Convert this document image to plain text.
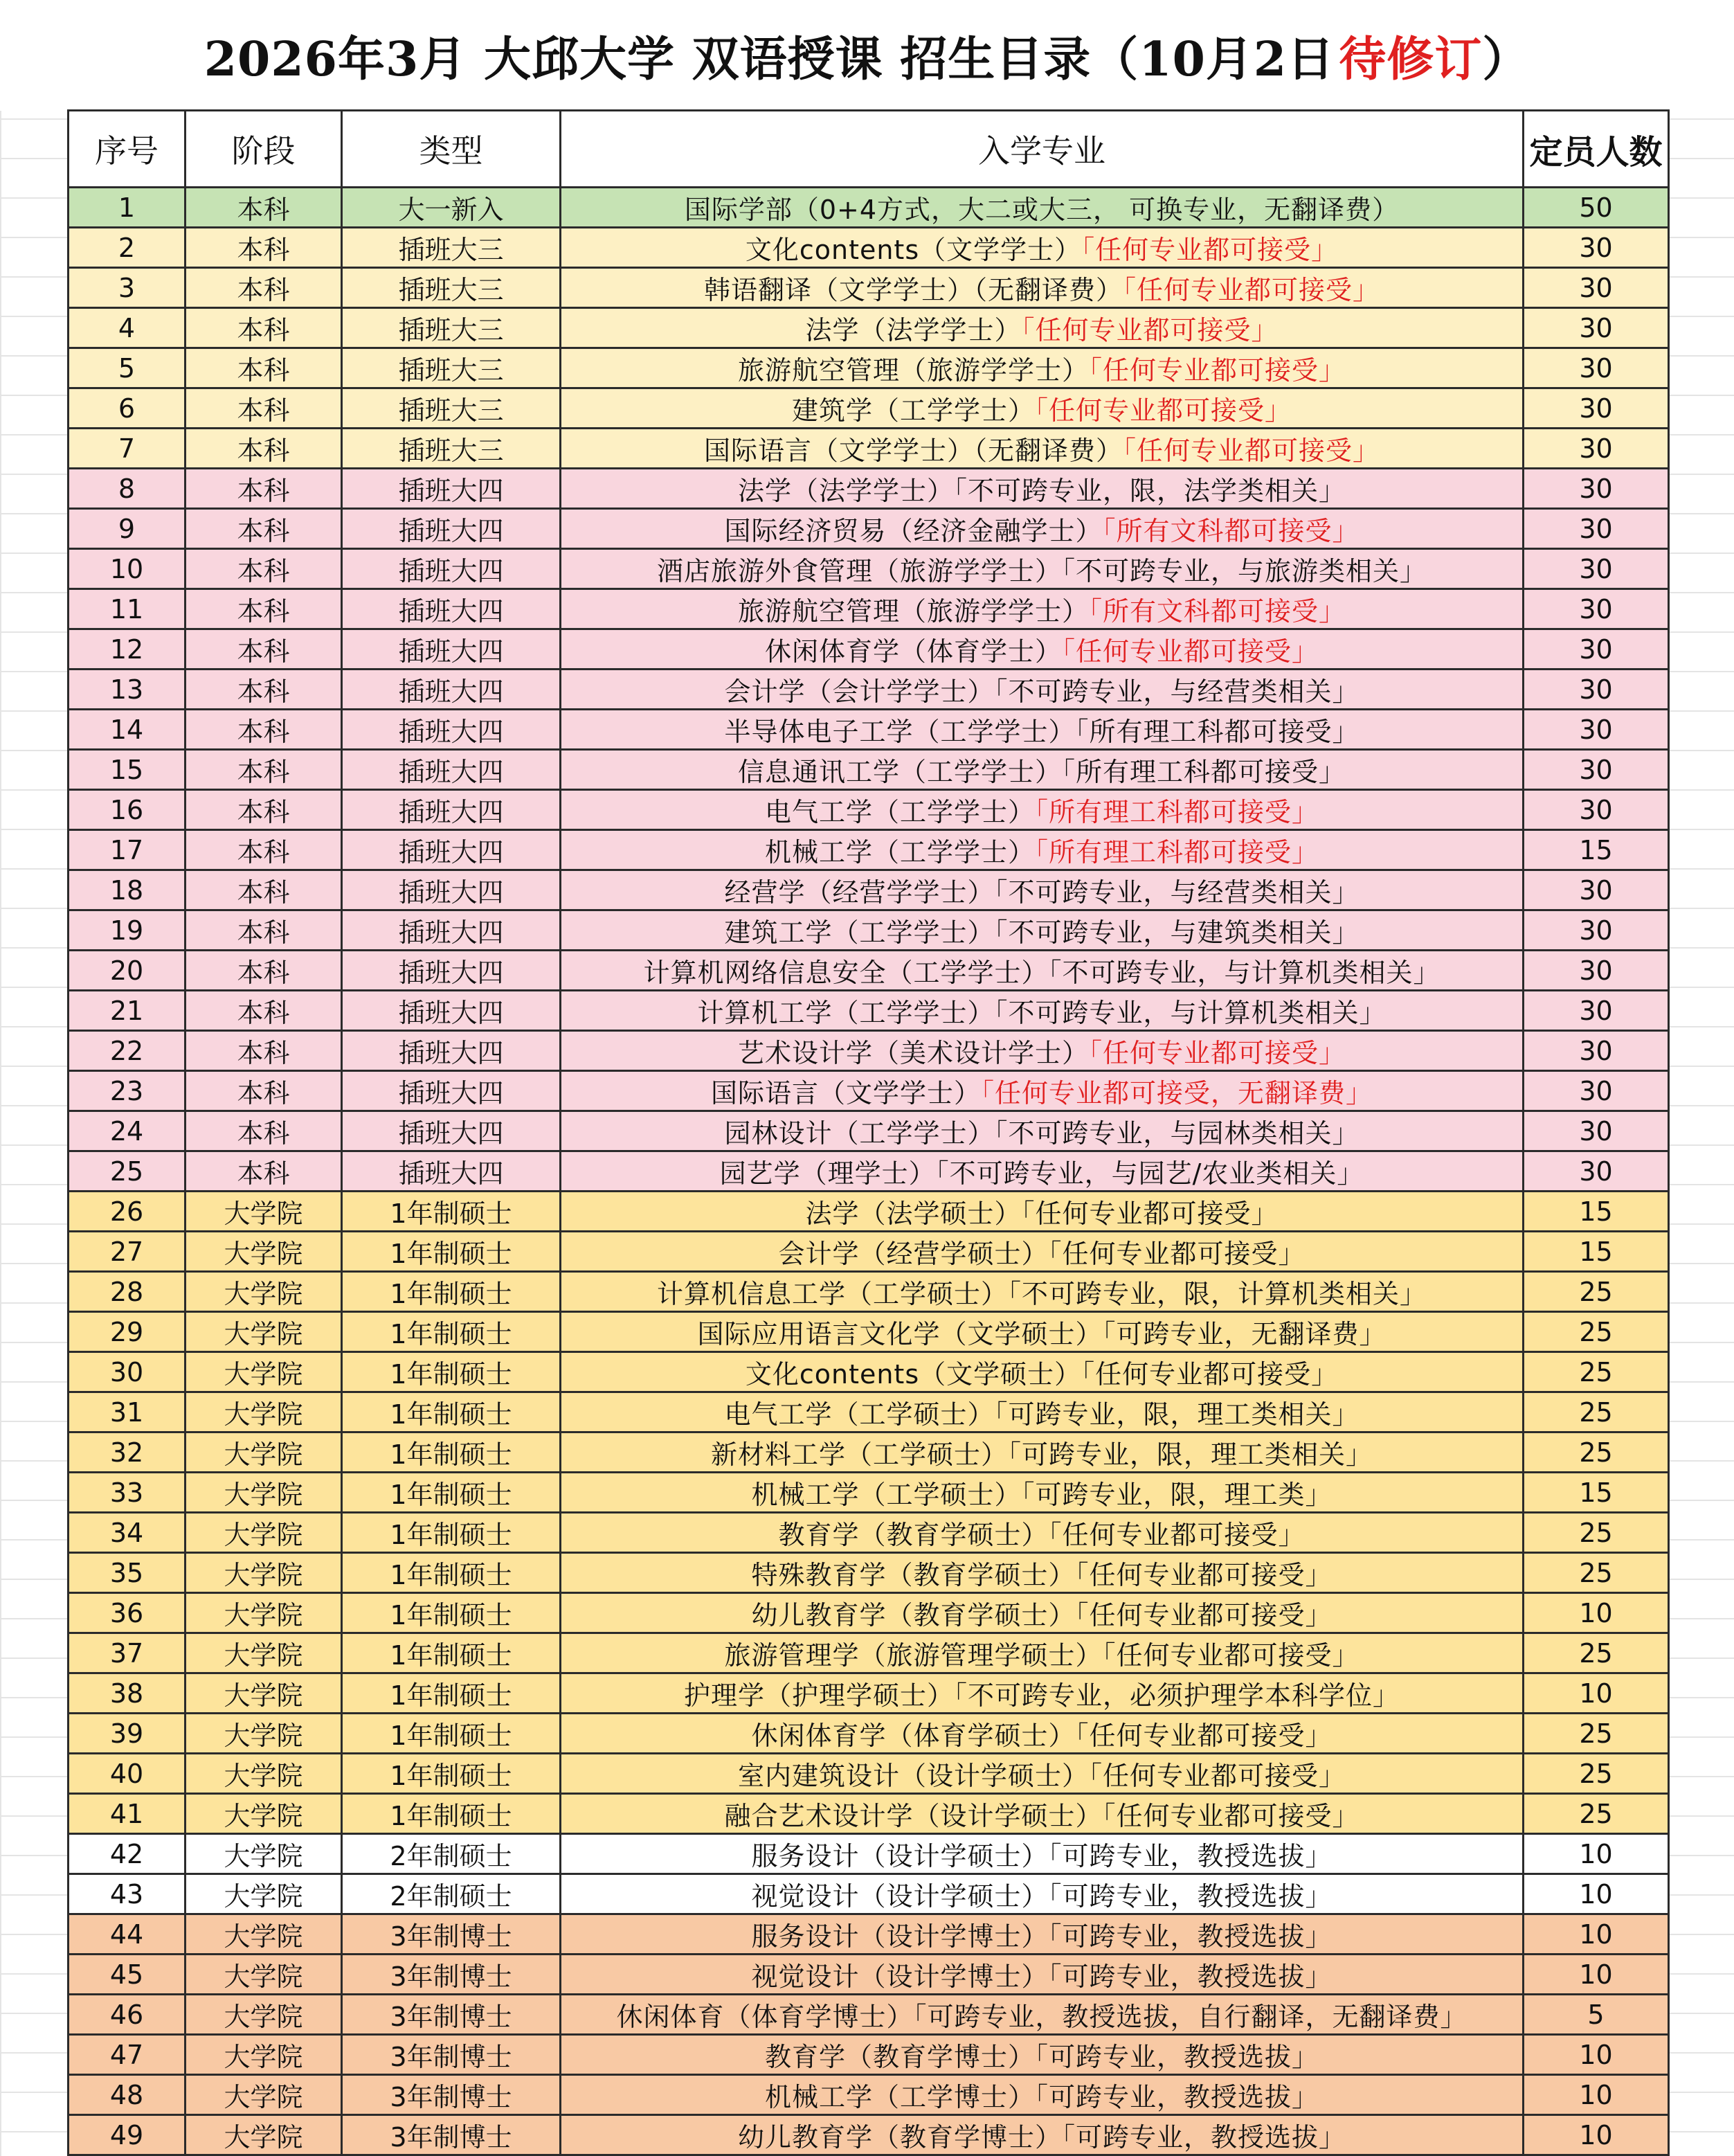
2026年3月 大邱大学 双语授课 招生目录（10月2日 待修订 ）
序号	阶段	类型	入学专业	定员人数
1	本科	大一新入	国际学部（0+4方式，大二或大三， 可换专业，无翻译费）	50
2	本科	插班大三	文化contents（文学学士）「任何专业都可接受」	30
3	本科	插班大三	韩语翻译（文学学士）（无翻译费）「任何专业都可接受」	30
4	本科	插班大三	法学（法学学士）「任何专业都可接受」	30
5	本科	插班大三	旅游航空管理（旅游学学士）「任何专业都可接受」	30
6	本科	插班大三	建筑学（工学学士）「任何专业都可接受」	30
7	本科	插班大三	国际语言（文学学士）（无翻译费）「任何专业都可接受」	30
8	本科	插班大四	法学（法学学士）「不可跨专业，限，法学类相关」	30
9	本科	插班大四	国际经济贸易（经济金融学士）「所有文科都可接受」	30
10	本科	插班大四	酒店旅游外食管理（旅游学学士）「不可跨专业，与旅游类相关」	30
11	本科	插班大四	旅游航空管理（旅游学学士）「所有文科都可接受」	30
12	本科	插班大四	休闲体育学（体育学士）「任何专业都可接受」	30
13	本科	插班大四	会计学（会计学学士）「不可跨专业，与经营类相关」	30
14	本科	插班大四	半导体电子工学（工学学士）「所有理工科都可接受」	30
15	本科	插班大四	信息通讯工学（工学学士）「所有理工科都可接受」	30
16	本科	插班大四	电气工学（工学学士）「所有理工科都可接受」	30
17	本科	插班大四	机械工学（工学学士）「所有理工科都可接受」	15
18	本科	插班大四	经营学（经营学学士）「不可跨专业，与经营类相关」	30
19	本科	插班大四	建筑工学（工学学士）「不可跨专业，与建筑类相关」	30
20	本科	插班大四	计算机网络信息安全（工学学士）「不可跨专业，与计算机类相关」	30
21	本科	插班大四	计算机工学（工学学士）「不可跨专业，与计算机类相关」	30
22	本科	插班大四	艺术设计学（美术设计学士）「任何专业都可接受」	30
23	本科	插班大四	国际语言（文学学士）「任何专业都可接受，无翻译费」	30
24	本科	插班大四	园林设计（工学学士）「不可跨专业，与园林类相关」	30
25	本科	插班大四	园艺学（理学士）「不可跨专业，与园艺/农业类相关」	30
26	大学院	1年制硕士	法学（法学硕士）「任何专业都可接受」	15
27	大学院	1年制硕士	会计学（经营学硕士）「任何专业都可接受」	15
28	大学院	1年制硕士	计算机信息工学（工学硕士）「不可跨专业，限，计算机类相关」	25
29	大学院	1年制硕士	国际应用语言文化学（文学硕士）「可跨专业，无翻译费」	25
30	大学院	1年制硕士	文化contents（文学硕士）「任何专业都可接受」	25
31	大学院	1年制硕士	电气工学（工学硕士）「可跨专业，限，理工类相关」	25
32	大学院	1年制硕士	新材料工学（工学硕士）「可跨专业，限，理工类相关」	25
33	大学院	1年制硕士	机械工学（工学硕士）「可跨专业，限，理工类」	15
34	大学院	1年制硕士	教育学（教育学硕士）「任何专业都可接受」	25
35	大学院	1年制硕士	特殊教育学（教育学硕士）「任何专业都可接受」	25
36	大学院	1年制硕士	幼儿教育学（教育学硕士）「任何专业都可接受」	10
37	大学院	1年制硕士	旅游管理学（旅游管理学硕士）「任何专业都可接受」	25
38	大学院	1年制硕士	护理学（护理学硕士）「不可跨专业，必须护理学本科学位」	10
39	大学院	1年制硕士	休闲体育学（体育学硕士）「任何专业都可接受」	25
40	大学院	1年制硕士	室内建筑设计（设计学硕士）「任何专业都可接受」	25
41	大学院	1年制硕士	融合艺术设计学（设计学硕士）「任何专业都可接受」	25
42	大学院	2年制硕士	服务设计（设计学硕士）「可跨专业，教授选拔」	10
43	大学院	2年制硕士	视觉设计（设计学硕士）「可跨专业，教授选拔」	10
44	大学院	3年制博士	服务设计（设计学博士）「可跨专业，教授选拔」	10
45	大学院	3年制博士	视觉设计（设计学博士）「可跨专业，教授选拔」	10
46	大学院	3年制博士	休闲体育（体育学博士）「可跨专业，教授选拔，自行翻译，无翻译费」	5
47	大学院	3年制博士	教育学（教育学博士）「可跨专业，教授选拔」	10
48	大学院	3年制博士	机械工学（工学博士）「可跨专业，教授选拔」	10
49	大学院	3年制博士	幼儿教育学（教育学博士）「可跨专业，教授选拔」	10
